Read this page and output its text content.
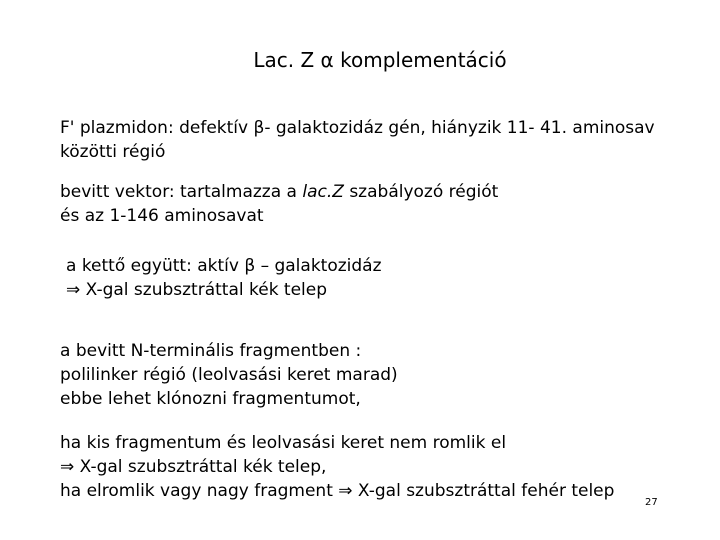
Lac. Z α komplementáció
F' plazmidon: defektív β- galaktozidáz gén, hiányzik 11- 41. aminosav
közötti régió
bevitt vektor: tartalmazza a lac.Z szabályozó régiót
és az 1-146 aminosavat
a kettő együtt: aktív β – galaktozidáz
⇒ X-gal szubsztráttal kék telep
a bevitt N-terminális fragmentben :
polilinker régió (leolvasási keret marad)
ebbe lehet klónozni fragmentumot,
ha kis fragmentum és leolvasási keret nem romlik el
⇒ X-gal szubsztráttal kék telep,
ha elromlik vagy nagy fragment ⇒ X-gal szubsztráttal fehér telep
27
